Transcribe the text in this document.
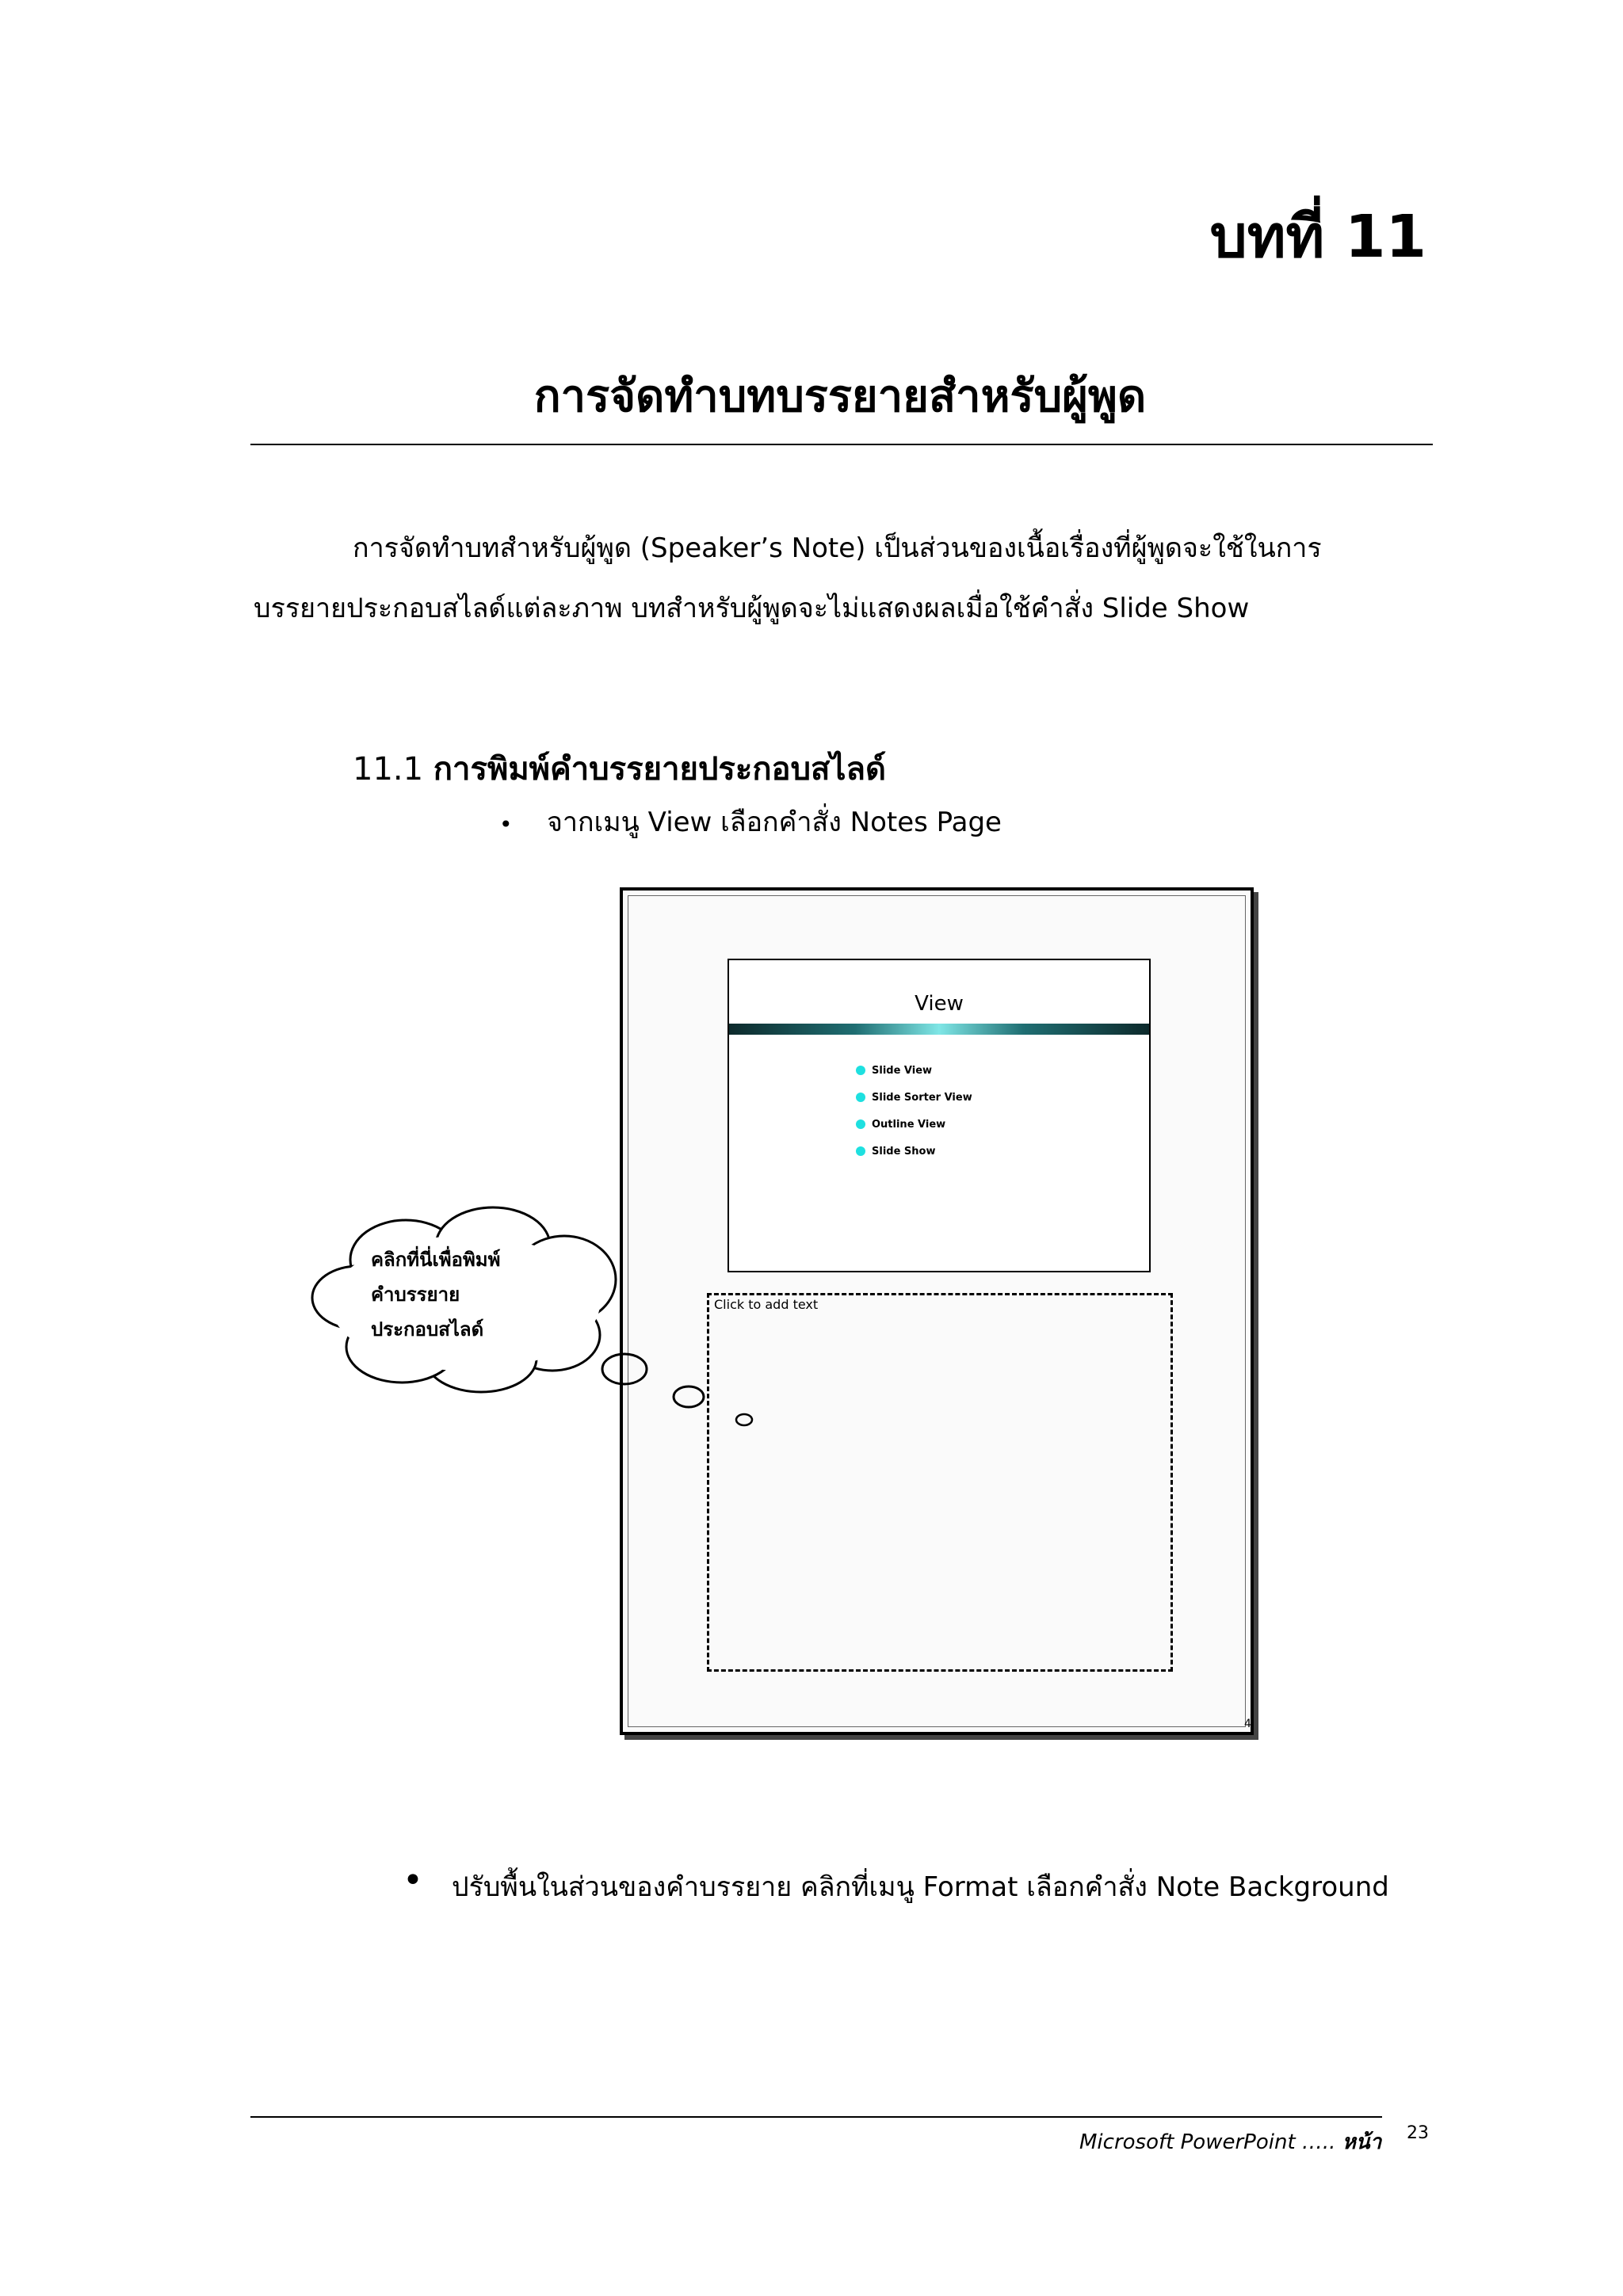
บทที่ 11
การจัดทำบทบรรยายสำหรับผู้พูด
การจัดทำบทสำหรับผู้พูด (Speaker’s Note) เป็นส่วนของเนื้อเรื่องที่ผู้พูดจะใช้ในการ
บรรยายประกอบสไลด์แต่ละภาพ บทสำหรับผู้พูดจะไม่แสดงผลเมื่อใช้คำสั่ง Slide Show
11.1 การพิมพ์คำบรรยายประกอบสไลด์
• จากเมนู View เลือกคำสั่ง Notes Page
View
Slide View
Slide Sorter View
Outline View
Slide Show
Click to add text
4
คลิกที่นี่เพื่อพิมพ์
คำบรรยาย
ประกอบสไลด์
• ปรับพื้นในส่วนของคำบรรยาย คลิกที่เมนู Format เลือกคำสั่ง Note Background
Microsoft PowerPoint ….. หน้า 23
